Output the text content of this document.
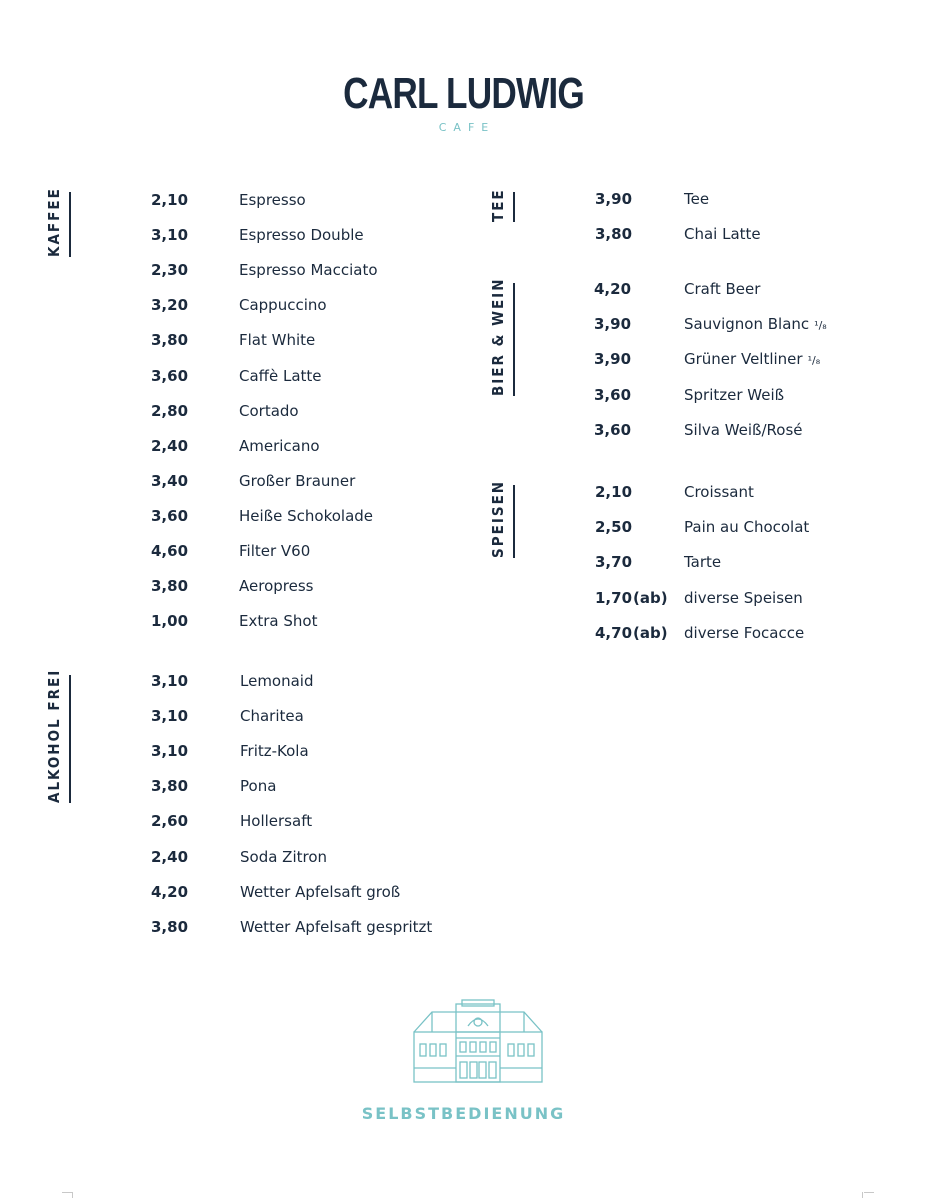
CARL LUDWIG
CAFE
KAFFEE
ALKOHOL FREI
TEE
BIER & WEIN
SPEISEN
2,10	Espresso
3,10	Espresso Double
2,30	Espresso Macciato
3,20	Cappuccino
3,80	Flat White
3,60	Caffè Latte
2,80	Cortado
2,40	Americano
3,40	Großer Brauner
3,60	Heiße Schokolade
4,60	Filter V60
3,80	Aeropress
1,00	Extra Shot
3,10	Lemonaid
3,10	Charitea
3,10	Fritz-Kola
3,80	Pona
2,60	Hollersaft
2,40	Soda Zitron
4,20	Wetter Apfelsaft groß
3,80	Wetter Apfelsaft gespritzt
3,90	Tee
3,80	Chai Latte
4,20	Craft Beer
3,90	Sauvignon Blanc ¹/₈
3,90	Grüner Veltliner ¹/₈
3,60	Spritzer Weiß
3,60	Silva Weiß/Rosé
2,10	Croissant
2,50	Pain au Chocolat
3,70	Tarte
1,70 (ab) diverse Speisen
4,70 (ab) diverse Focacce
SELBSTBEDIENUNG
